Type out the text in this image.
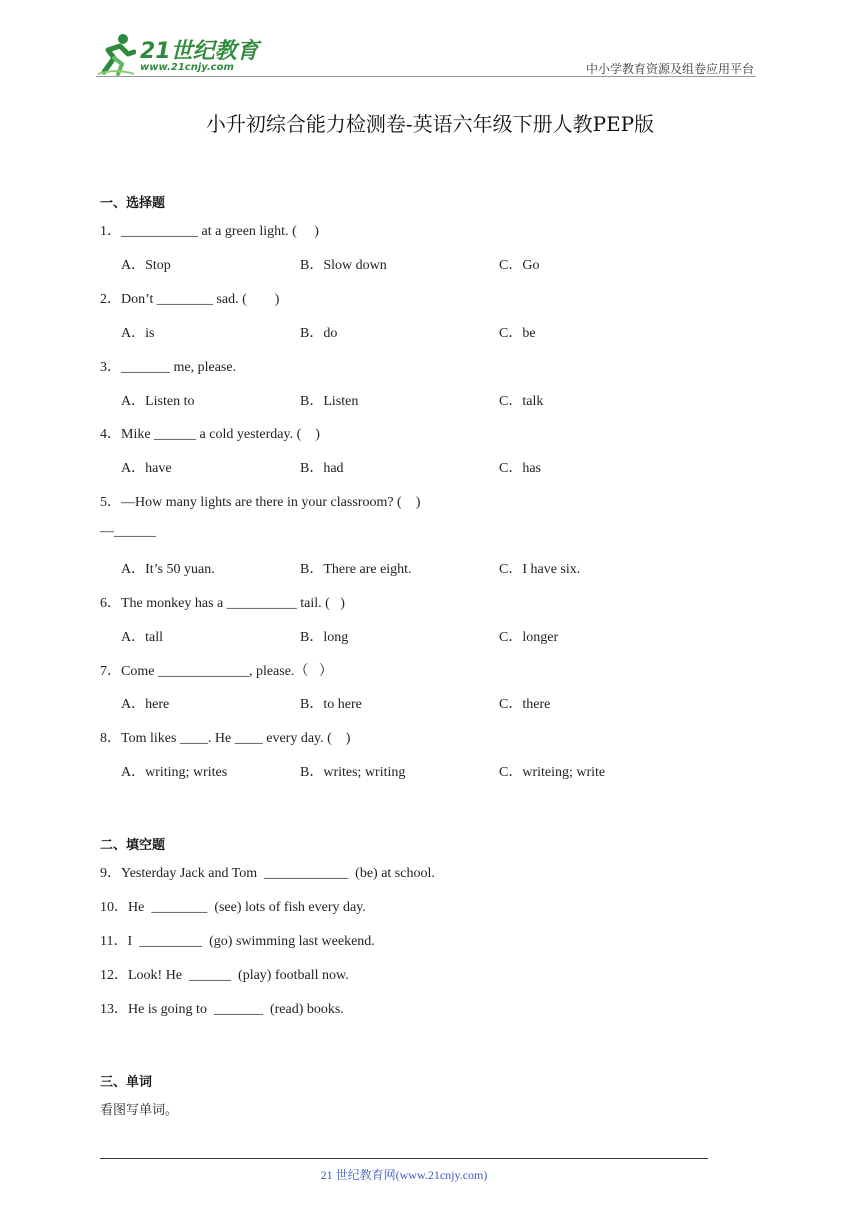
21世纪教育
www.21cnjy.com	中小学教育资源及组卷应用平台
小升初综合能力检测卷-英语六年级下册人教PEP版
一、选择题
1．___________ at a green light. (     )
A．Stop	B．Slow down	C．Go
2．Don’t ________ sad. (        )
A．is	B．do	C．be
3．_______ me, please.
A．Listen to	B．Listen	C．talk
4．Mike ______ a cold yesterday. (    )
A．have	B．had	C．has
5．—How many lights are there in your classroom? (    )
—______
A．It’s 50 yuan.	B．There are eight.	C．I have six.
6．The monkey has a __________ tail. (   )
A．tall	B．long	C．longer
7．Come _____________, please.（   ）
A．here	B．to here	C．there
8．Tom likes ____. He ____ every day. (    )
A．writing; writes	B．writes; writing	C．writeing; write
二、填空题
9．Yesterday Jack and Tom  ____________  (be) at school.
10．He  ________  (see) lots of fish every day.
11．I  _________  (go) swimming last weekend.
12．Look! He  ______  (play) football now.
13．He is going to  _______  (read) books.
三、单词
看图写单词。
21 世纪教育网(www.21cnjy.com)
